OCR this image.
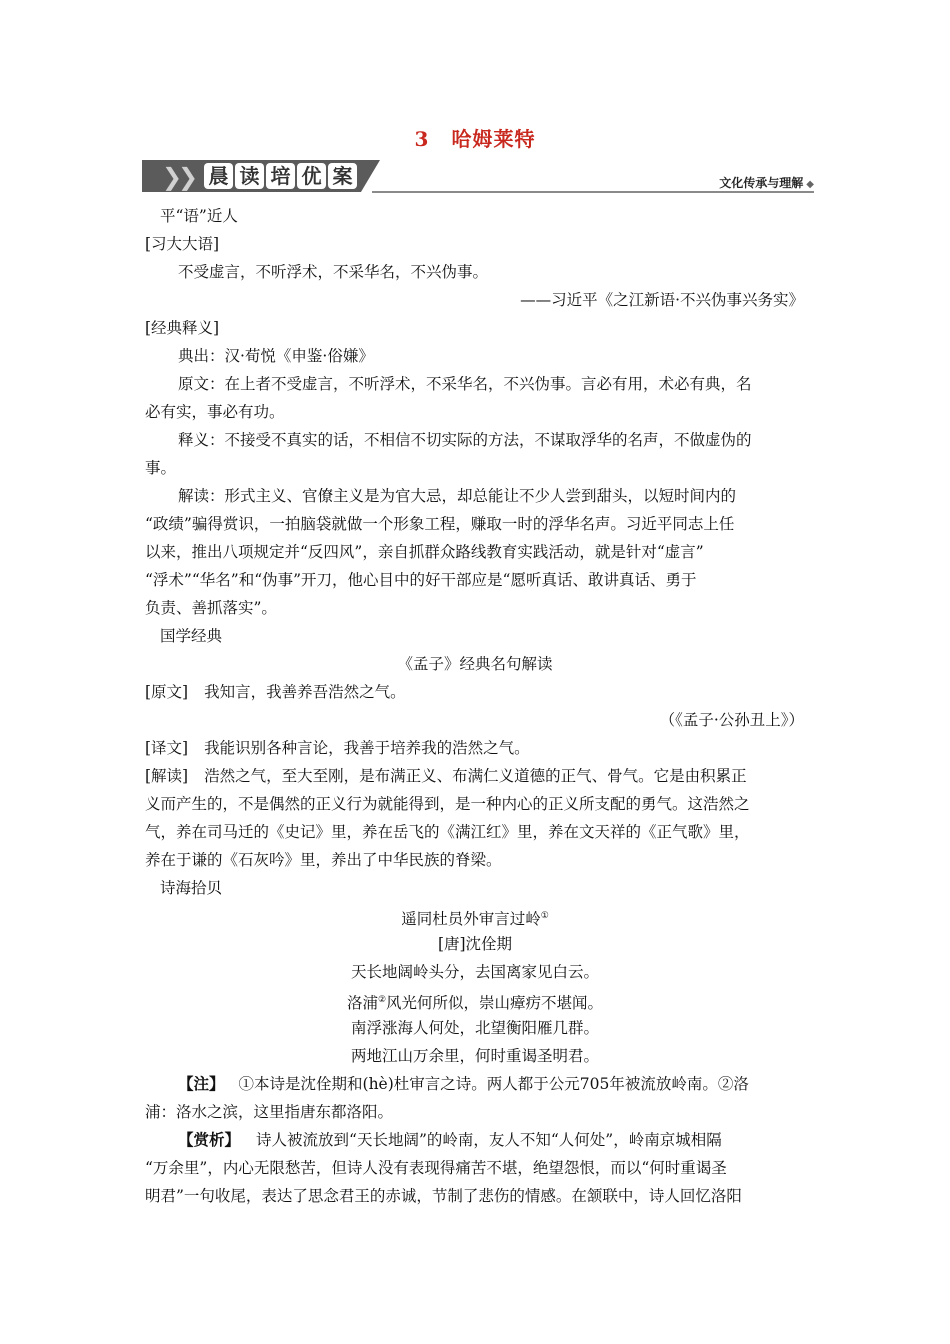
3 哈姆莱特
❯
❯ 晨 读 培 优 案	文化传承与理解 ◆
平“语”近人
[习大大语]
不受虚言，不听浮术，不采华名，不兴伪事。
——习近平《之江新语·不兴伪事兴务实》
[经典释义]
典出：汉·荀悦《申鉴·俗嫌》
原文：在上者不受虚言，不听浮术，不采华名，不兴伪事。言必有用，术必有典，名
必有实，事必有功。
释义：不接受不真实的话，不相信不切实际的方法，不谋取浮华的名声，不做虚伪的
事。
解读：形式主义、官僚主义是为官大忌，却总能让不少人尝到甜头，以短时间内的
“政绩”骗得赏识，一拍脑袋就做一个形象工程，赚取一时的浮华名声。习近平同志上任
以来，推出八项规定并“反四风”，亲自抓群众路线教育实践活动，就是针对“虚言”
“浮术”“华名”和“伪事”开刀，他心目中的好干部应是“愿听真话、敢讲真话、勇于
负责、善抓落实”。
国学经典
《孟子》经典名句解读
[原文] 我知言，我善养吾浩然之气。
（《孟子·公孙丑上》）
[译文] 我能识别各种言论，我善于培养我的浩然之气。
[解读] 浩然之气，至大至刚，是布满正义、布满仁义道德的正气、骨气。它是由积累正
义而产生的，不是偶然的正义行为就能得到，是一种内心的正义所支配的勇气。这浩然之
气，养在司马迁的《史记》里，养在岳飞的《满江红》里，养在文天祥的《正气歌》里，
养在于谦的《石灰吟》里，养出了中华民族的脊梁。
诗海拾贝
遥同杜员外审言过岭①
[唐]沈佺期
天长地阔岭头分，去国离家见白云。
洛浦②风光何所似，崇山瘴疠不堪闻。
南浮涨海人何处，北望衡阳雁几群。
两地江山万余里，何时重谒圣明君。
【注】 ①本诗是沈佺期和(hè)杜审言之诗。两人都于公元705年被流放岭南。②洛
浦：洛水之滨，这里指唐东都洛阳。
【赏析】 诗人被流放到“天长地阔”的岭南，友人不知“人何处”，岭南京城相隔
“万余里”，内心无限愁苦，但诗人没有表现得痛苦不堪，绝望怨恨，而以“何时重谒圣
明君”一句收尾，表达了思念君王的赤诚，节制了悲伤的情感。在颔联中，诗人回忆洛阳
